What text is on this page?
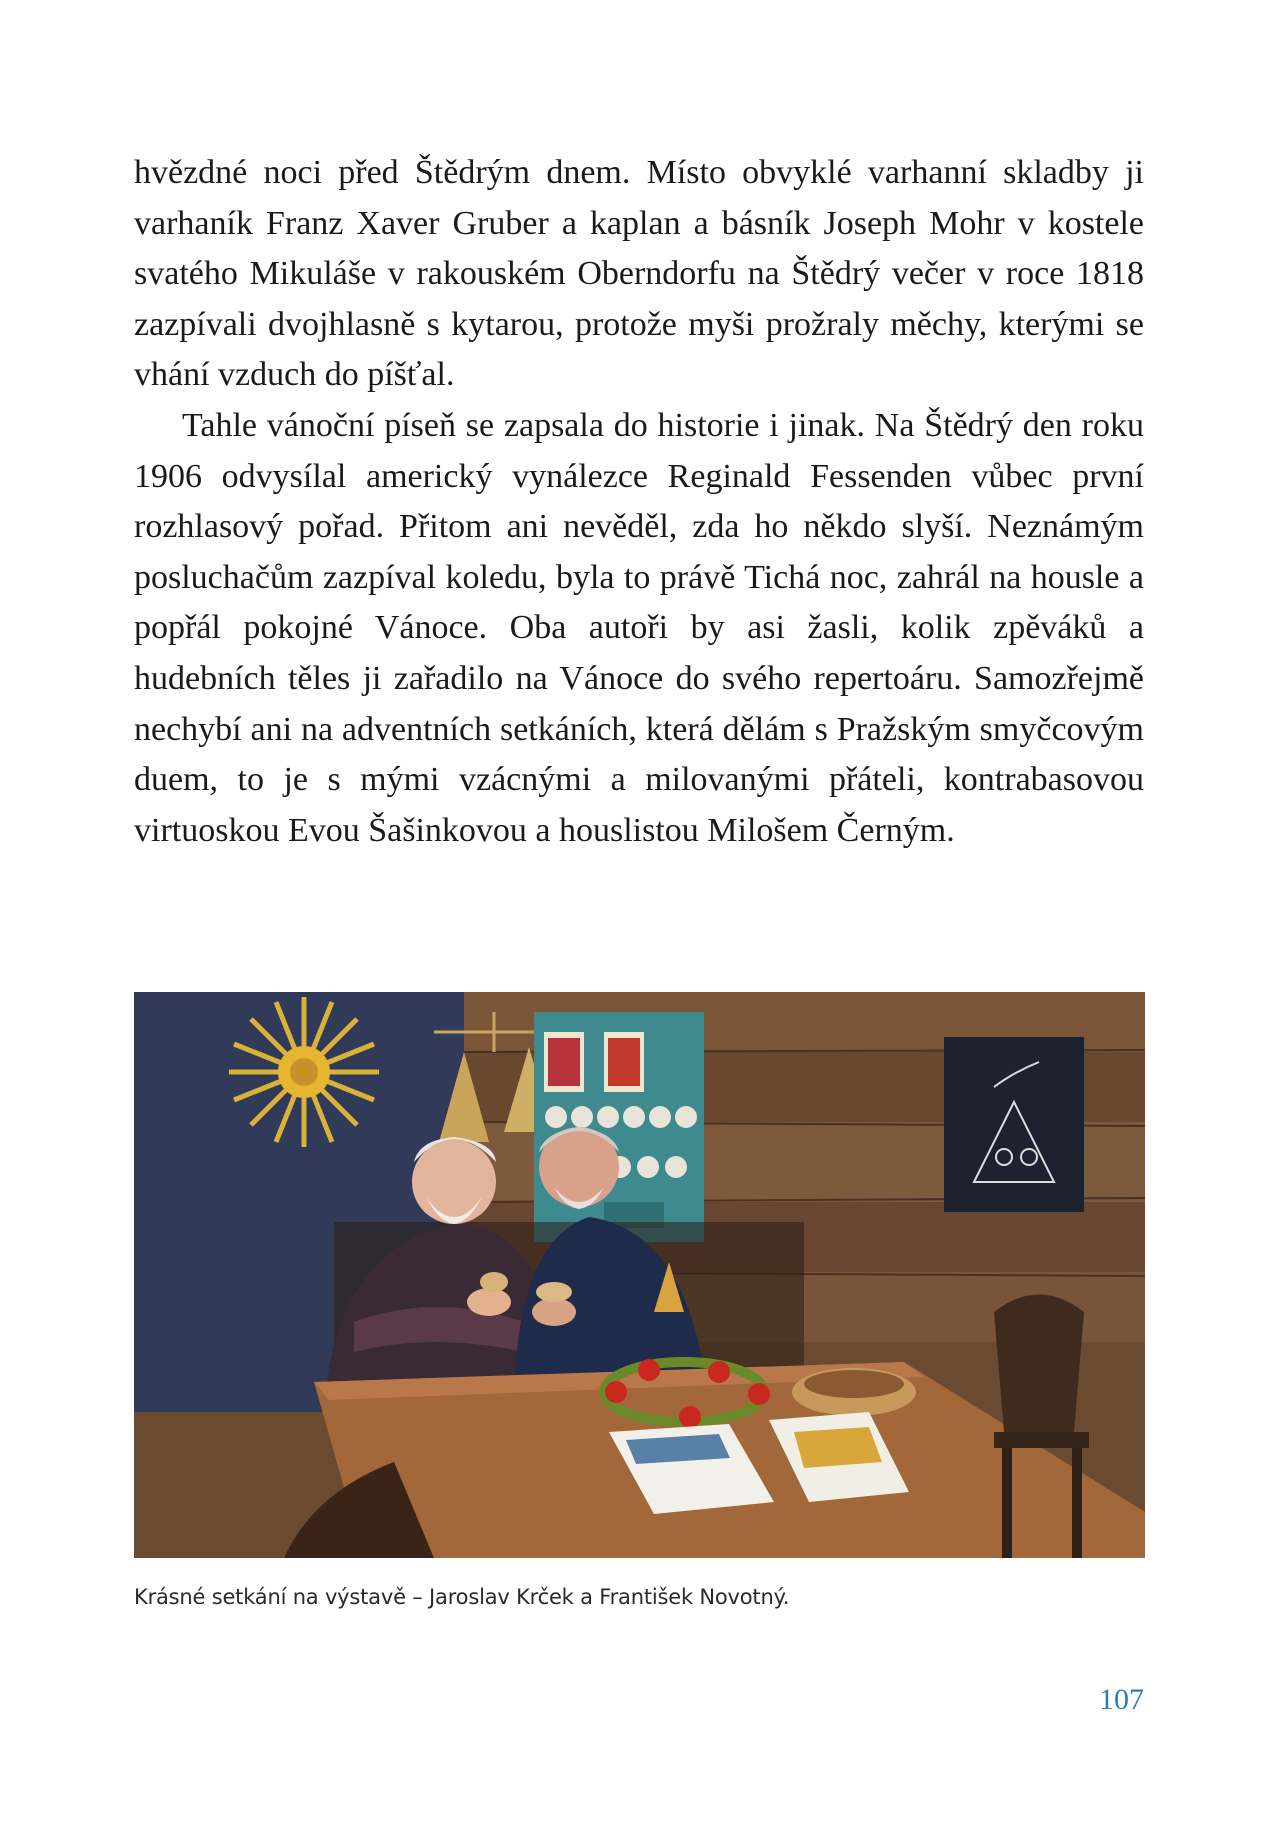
hvězdné noci před Štědrým dnem. Místo obvyklé varhanní skladby ji varhaník Franz Xaver Gruber a kaplan a básník Joseph Mohr v kostele svatého Mikuláše v rakouském Oberndorfu na Štědrý večer v roce 1818 zazpívali dvojhlasně s kytarou, protože myši prožraly měchy, kterými se vhání vzduch do píšťal.

Tahle vánoční píseň se zapsala do historie i jinak. Na Štědrý den roku 1906 odvysílal americký vynálezce Reginald Fessenden vůbec první rozhlasový pořad. Přitom ani nevěděl, zda ho někdo slyší. Neznámým posluchačům zazpíval koledu, byla to právě Tichá noc, zahrál na housle a popřál pokojné Vánoce. Oba autoři by asi žasli, kolik zpěváků a hudebních těles ji zařadilo na Vánoce do svého repertoáru. Samozřejmě nechybí ani na adventních setkáních, která dělám s Pražským smyčcovým duem, to je s mými vzácnými a milovanými přáteli, kontrabasovou virtuoskou Evou Šašinkovou a houslistou Milošem Černým.

Krásné setkání na výstavě – Jaroslav Krček a František Novotný.
107
